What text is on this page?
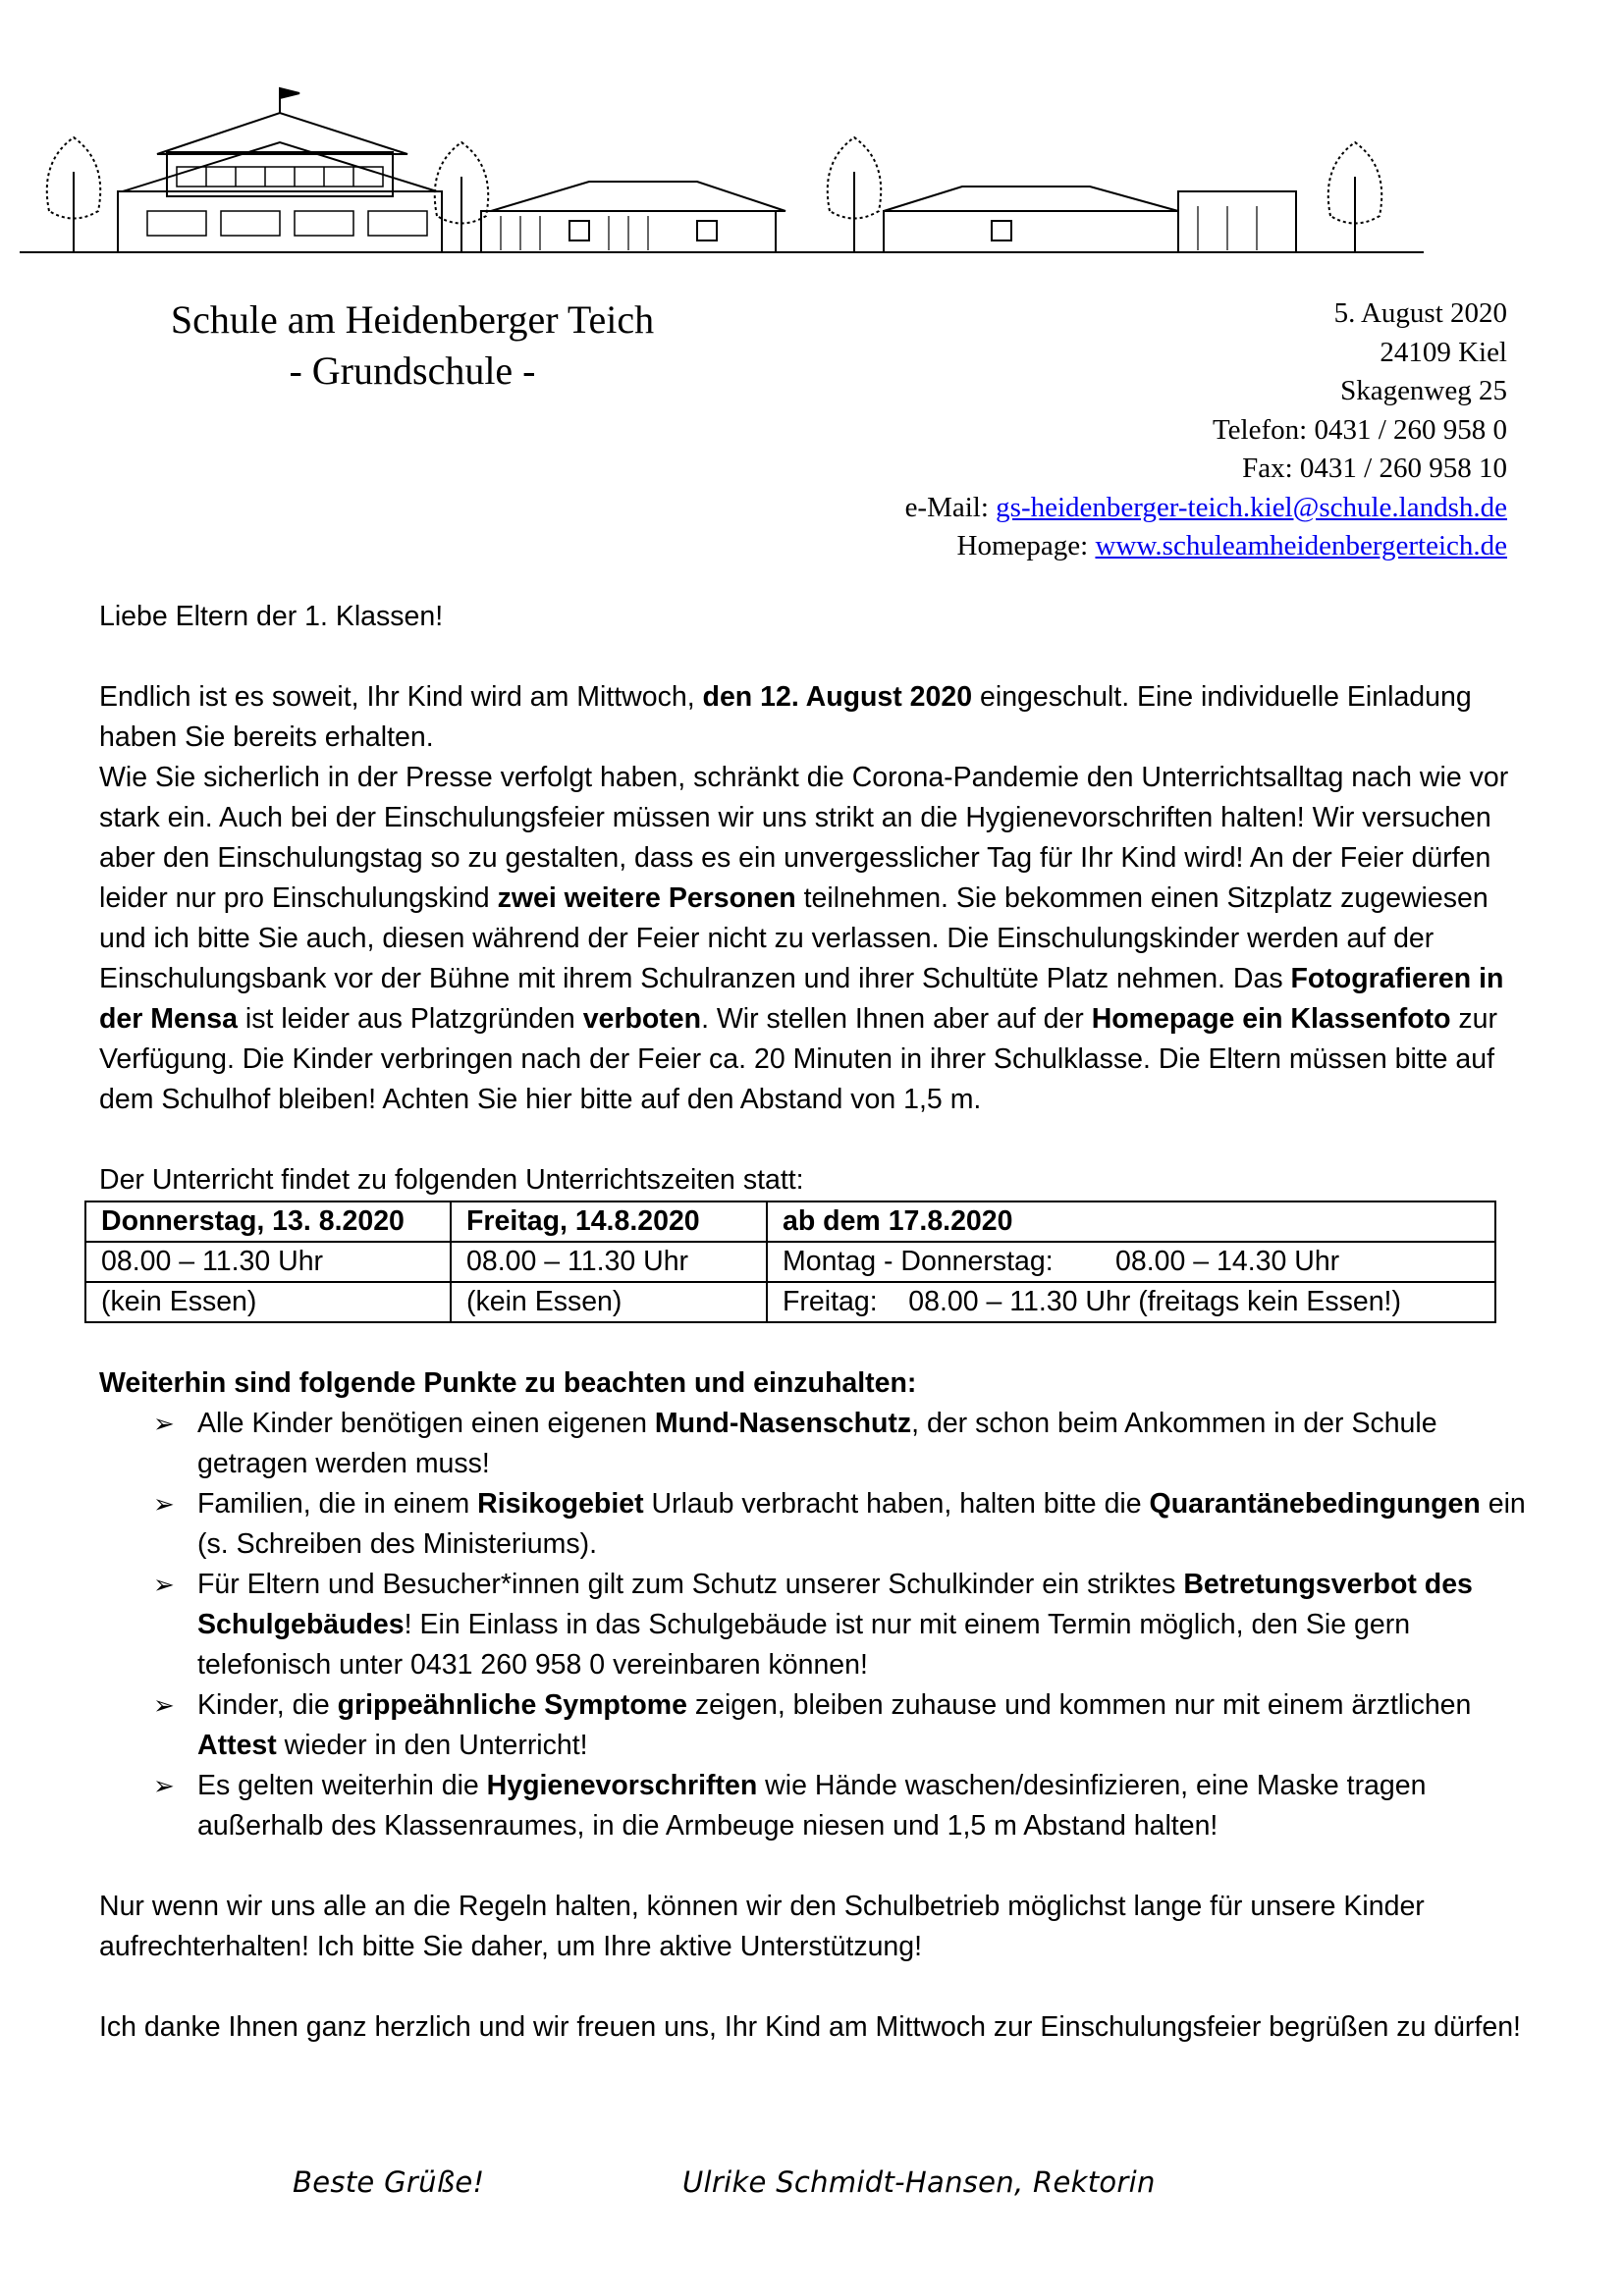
Schule am Heidenberger Teich
- Grundschule -
5. August 2020
24109 Kiel
Skagenweg 25
Telefon: 0431 / 260 958 0
Fax: 0431 / 260 958 10
e-Mail: gs-heidenberger-teich.kiel@schule.landsh.de
Homepage: www.schuleamheidenbergerteich.de

Liebe Eltern der 1. Klassen!

Endlich ist es soweit, Ihr Kind wird am Mittwoch, den 12. August 2020 eingeschult. Eine individuelle Einladung haben Sie bereits erhalten.

Wie Sie sicherlich in der Presse verfolgt haben, schränkt die Corona-Pandemie den Unterrichtsalltag nach wie vor stark ein. Auch bei der Einschulungsfeier müssen wir uns strikt an die Hygienevorschriften halten! Wir versuchen aber den Einschulungstag so zu gestalten, dass es ein unvergesslicher Tag für Ihr Kind wird! An der Feier dürfen leider nur pro Einschulungskind zwei weitere Personen teilnehmen. Sie bekommen einen Sitzplatz zugewiesen und ich bitte Sie auch, diesen während der Feier nicht zu verlassen. Die Einschulungskinder werden auf der Einschulungsbank vor der Bühne mit ihrem Schulranzen und ihrer Schultüte Platz nehmen. Das Fotografieren in der Mensa ist leider aus Platzgründen verboten. Wir stellen Ihnen aber auf der Homepage ein Klassenfoto zur Verfügung. Die Kinder verbringen nach der Feier ca. 20 Minuten in ihrer Schulklasse. Die Eltern müssen bitte auf dem Schulhof bleiben! Achten Sie hier bitte auf den Abstand von 1,5 m.

Der Unterricht findet zu folgenden Unterrichtszeiten statt:

Donnerstag, 13. 8.2020	Freitag, 14.8.2020	ab dem 17.8.2020
08.00 – 11.30 Uhr	08.00 – 11.30 Uhr	Montag - Donnerstag:        08.00 – 14.30 Uhr
(kein Essen)	(kein Essen)	Freitag:    08.00 – 11.30 Uhr (freitags kein Essen!)

Weiterhin sind folgende Punkte zu beachten und einzuhalten:

➢ Alle Kinder benötigen einen eigenen Mund-Nasenschutz, der schon beim Ankommen in der Schule getragen werden muss!
➢ Familien, die in einem Risikogebiet Urlaub verbracht haben, halten bitte die Quarantänebedingungen ein (s. Schreiben des Ministeriums).
➢ Für Eltern und Besucher*innen gilt zum Schutz unserer Schulkinder ein striktes Betretungsverbot des Schulgebäudes! Ein Einlass in das Schulgebäude ist nur mit einem Termin möglich, den Sie gern telefonisch unter 0431 260 958 0 vereinbaren können!
➢ Kinder, die grippeähnliche Symptome zeigen, bleiben zuhause und kommen nur mit einem ärztlichen Attest wieder in den Unterricht!
➢ Es gelten weiterhin die Hygienevorschriften wie Hände waschen/desinfizieren, eine Maske tragen außerhalb des Klassenraumes, in die Armbeuge niesen und 1,5 m Abstand halten!

Nur wenn wir uns alle an die Regeln halten, können wir den Schulbetrieb möglichst lange für unsere Kinder aufrechterhalten! Ich bitte Sie daher, um Ihre aktive Unterstützung!

Ich danke Ihnen ganz herzlich und wir freuen uns, Ihr Kind am Mittwoch zur Einschulungsfeier begrüßen zu dürfen!

Beste Grüße!	Ulrike Schmidt-Hansen, Rektorin
